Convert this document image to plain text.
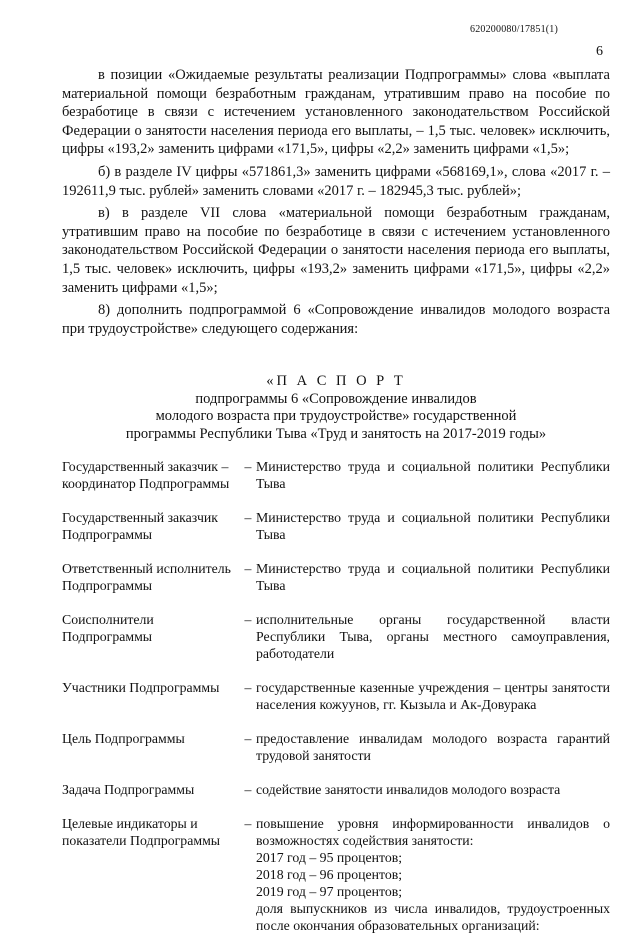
620200080/17851(1)
6

в позиции «Ожидаемые результаты реализации Подпрограммы» слова «выплата материальной помощи безработным гражданам, утратившим право на пособие по безработице в связи с истечением установленного законодательством Российской Федерации о занятости населения периода его выплаты, – 1,5 тыс. человек» исключить, цифры «193,2» заменить цифрами «171,5», цифры «2,2» заменить цифрами «1,5»;

б) в разделе IV цифры «571861,3» заменить цифрами «568169,1», слова «2017 г. – 192611,9 тыс. рублей» заменить словами «2017 г. – 182945,3 тыс. рублей»;

в) в разделе VII слова «материальной помощи безработным гражданам, утратившим право на пособие по безработице в связи с истечением установленного законодательством Российской Федерации о занятости населения периода его выплаты, 1,5 тыс. человек» исключить, цифры «193,2» заменить цифрами «171,5», цифры «2,2» заменить цифрами «1,5»;

8) дополнить подпрограммой 6 «Сопровождение инвалидов молодого возраста при трудоустройстве» следующего содержания:

«П А С П О Р Т
подпрограммы 6 «Сопровождение инвалидов
молодого возраста при трудоустройстве» государственной
программы Республики Тыва «Труд и занятость на 2017-2019 годы»
Государственный заказчик – координатор Подпрограммы	–	Министерство труда и социальной политики Республики Тыва
Государственный заказчик Подпрограммы	–	Министерство труда и социальной политики Республики Тыва
Ответственный исполнитель Подпрограммы	–	Министерство труда и социальной политики Республики Тыва
Соисполнители Подпрограммы	–	исполнительные органы государственной власти Республики Тыва, органы местного самоуправления, работодатели
Участники Подпрограммы	–	государственные казенные учреждения – центры занятости населения кожуунов, гг. Кызыла и Ак-Довурака
Цель Подпрограммы	–	предоставление инвалидам молодого возраста гарантий трудовой занятости
Задача Подпрограммы	–	содействие занятости инвалидов молодого возраста
Целевые индикаторы и показатели Подпрограммы	–	повышение уровня информированности инвалидов о возможностях содействия занятости:
2017 год – 95 процентов;
2018 год – 96 процентов;
2019 год – 97 процентов;
доля выпускников из числа инвалидов, трудоустроенных после окончания образовательных организаций:
